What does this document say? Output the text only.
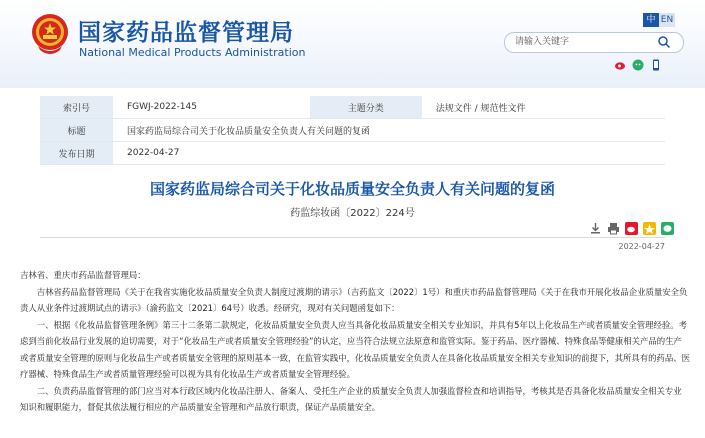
国家药品监督管理局
National Medical Products Administration
中 EN
请输入关键字
索引号	FGWJ-2022-145	主题分类	法规文件 / 规范性文件
标题	国家药监局综合司关于化妆品质量安全负责人有关问题的复函		
发布日期	2022-04-27		
国家药监局综合司关于化妆品质量安全负责人有关问题的复函
药监综妆函〔2022〕224号
2022-04-27

吉林省、重庆市药品监督管理局：

吉林省药品监督管理局《关于在我省实施化妆品质量安全负责人制度过渡期的请示》（吉药监文〔2022〕1号）和重庆市药品监督管理局《关于在我市开展化妆品企业质量安全负责人从业条件过渡期试点的请示》（渝药监文〔2021〕64号）收悉。经研究，现对有关问题函复如下：

一、根据《化妆品监督管理条例》第三十二条第二款规定，化妆品质量安全负责人应当具备化妆品质量安全相关专业知识，并具有5年以上化妆品生产或者质量安全管理经验。考虑到当前化妆品行业发展的迫切需要，对于“化妆品生产或者质量安全管理经验”的认定，应当符合法规立法原意和监管实际。鉴于药品、医疗器械、特殊食品等健康相关产品的生产或者质量安全管理的原则与化妆品生产或者质量安全管理的原则基本一致，在监管实践中，化妆品质量安全负责人在具备化妆品质量安全相关专业知识的前提下，其所具有的药品、医疗器械、特殊食品生产或者质量管理经验可以视为具有化妆品生产或者质量安全管理经验。

二、负责药品监督管理的部门应当对本行政区域内化妆品注册人、备案人、受托生产企业的质量安全负责人加强监督检查和培训指导，考核其是否具备化妆品质量安全相关专业知识和履职能力，督促其依法履行相应的产品质量安全管理和产品放行职责，保证产品质量安全。
